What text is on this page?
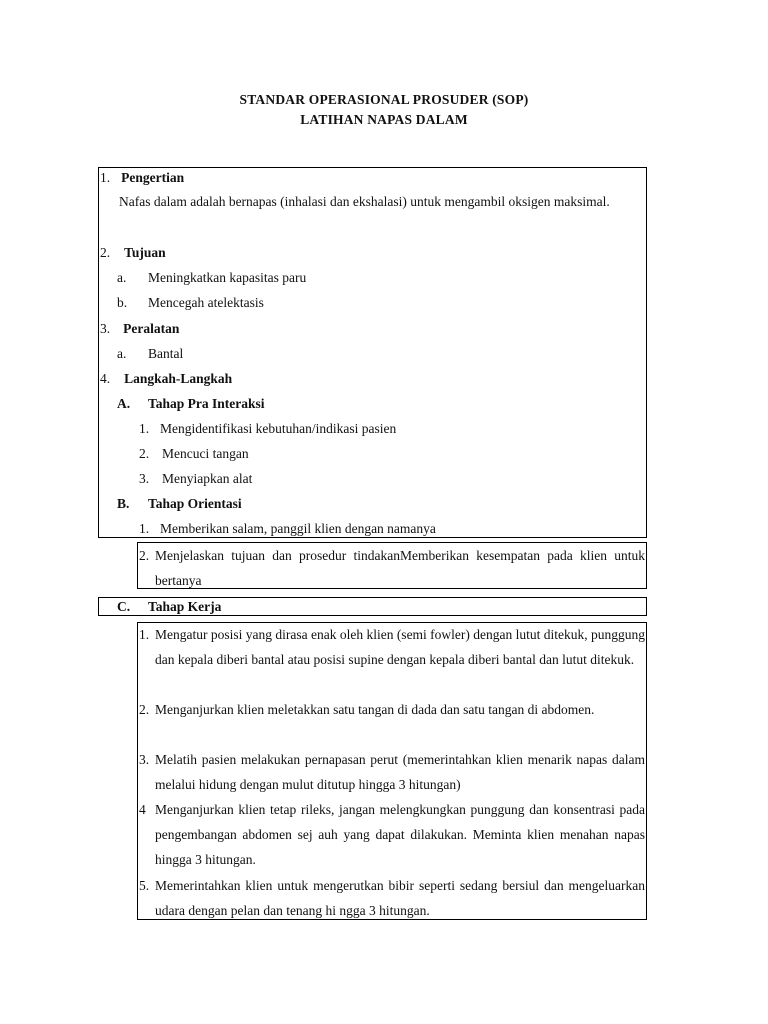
STANDAR OPERASIONAL PROSUDER (SOP)
LATIHAN NAPAS DALAM
1. Pengertian
Nafas dalam adalah bernapas (inhalasi dan ekshalasi) untuk mengambil oksigen maksimal.
2. Tujuan
a. Meningkatkan kapasitas paru
b. Mencegah atelektasis
3. Peralatan
a. Bantal
4. Langkah-Langkah
A. Tahap Pra Interaksi
1. Mengidentifikasi kebutuhan/indikasi pasien
2. Mencuci tangan
3. Menyiapkan alat
B. Tahap Orientasi
1. Memberikan salam, panggil klien dengan namanya
2. Menjelaskan tujuan dan prosedur tindakanMemberikan kesempatan pada klien untuk bertanya
C. Tahap Kerja
1. Mengatur posisi yang dirasa enak oleh klien (semi fowler) dengan lutut ditekuk, punggung dan kepala diberi bantal atau posisi supine dengan kepala diberi bantal dan lutut ditekuk.
2. Menganjurkan klien meletakkan satu tangan di dada dan satu tangan di abdomen.
3. Melatih pasien melakukan pernapasan perut (memerintahkan klien menarik napas dalam melalui hidung dengan mulut ditutup hingga 3 hitungan)
4 Menganjurkan klien tetap rileks, jangan melengkungkan punggung dan konsentrasi pada pengembangan abdomen sej auh yang dapat dilakukan. Meminta klien menahan napas hingga 3 hitungan.
5. Memerintahkan klien untuk mengerutkan bibir seperti sedang bersiul dan mengeluarkan udara dengan pelan dan tenang hi ngga 3 hitungan.
